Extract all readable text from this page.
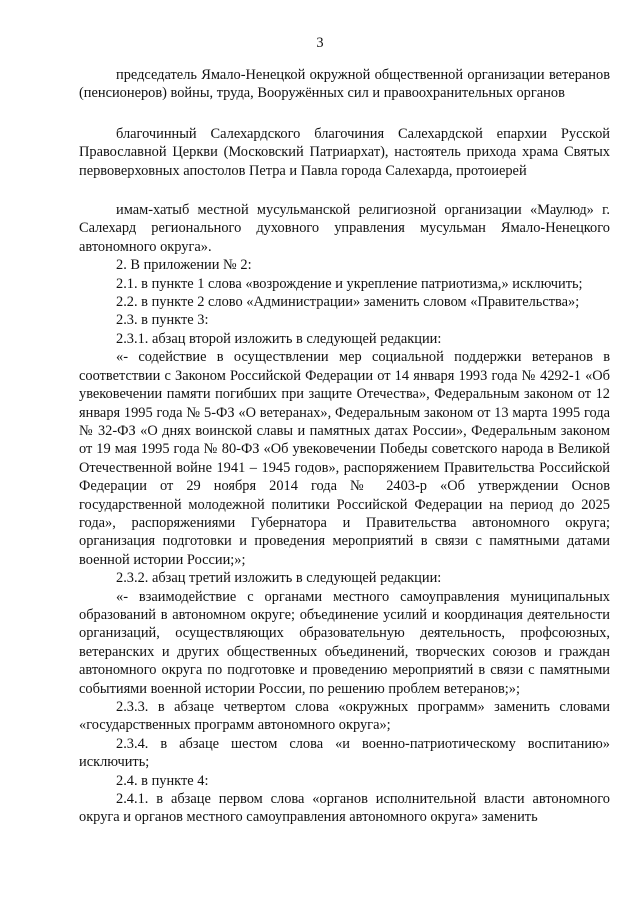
3

председатель Ямало-Ненецкой окружной общественной организации ветеранов (пенсионеров) войны, труда, Вооружённых сил и правоохранительных органов

благочинный Салехардского благочиния Салехардской епархии Русской Православной Церкви (Московский Патриархат), настоятель прихода храма Святых первоверховных апостолов Петра и Павла города Салехарда, протоиерей

имам-хатыб местной мусульманской религиозной организации «Маулюд» г. Салехард регионального духовного управления мусульман Ямало-Ненецкого автономного округа».

2. В приложении № 2:

2.1. в пункте 1 слова «возрождение и укрепление патриотизма,» исключить;

2.2. в пункте 2 слово «Администрации» заменить словом «Правительства»;

2.3. в пункте 3:

2.3.1. абзац второй изложить в следующей редакции:

«- содействие в осуществлении мер социальной поддержки ветеранов в соответствии с Законом Российской Федерации от 14 января 1993 года № 4292-1 «Об увековечении памяти погибших при защите Отечества», Федеральным законом от 12 января 1995 года № 5-ФЗ «О ветеранах», Федеральным законом от 13 марта 1995 года № 32-ФЗ «О днях воинской славы и памятных датах России», Федеральным законом от 19 мая 1995 года № 80-ФЗ «Об увековечении Победы советского народа в Великой Отечественной войне 1941 – 1945 годов», распоряжением Правительства Российской Федерации от 29 ноября 2014 года № 2403-р «Об утверждении Основ государственной молодежной политики Российской Федерации на период до 2025 года», распоряжениями Губернатора и Правительства автономного округа; организация подготовки и проведения мероприятий в связи с памятными датами военной истории России;»;

2.3.2. абзац третий изложить в следующей редакции:

«- взаимодействие с органами местного самоуправления муниципальных образований в автономном округе; объединение усилий и координация деятельности организаций, осуществляющих образовательную деятельность, профсоюзных, ветеранских и других общественных объединений, творческих союзов и граждан автономного округа по подготовке и проведению мероприятий в связи с памятными событиями военной истории России, по решению проблем ветеранов;»;

2.3.3. в абзаце четвертом слова «окружных программ» заменить словами «государственных программ автономного округа»;

2.3.4. в абзаце шестом слова «и военно-патриотическому воспитанию» исключить;

2.4. в пункте 4:

2.4.1. в абзаце первом слова «органов исполнительной власти автономного округа и органов местного самоуправления автономного округа» заменить
